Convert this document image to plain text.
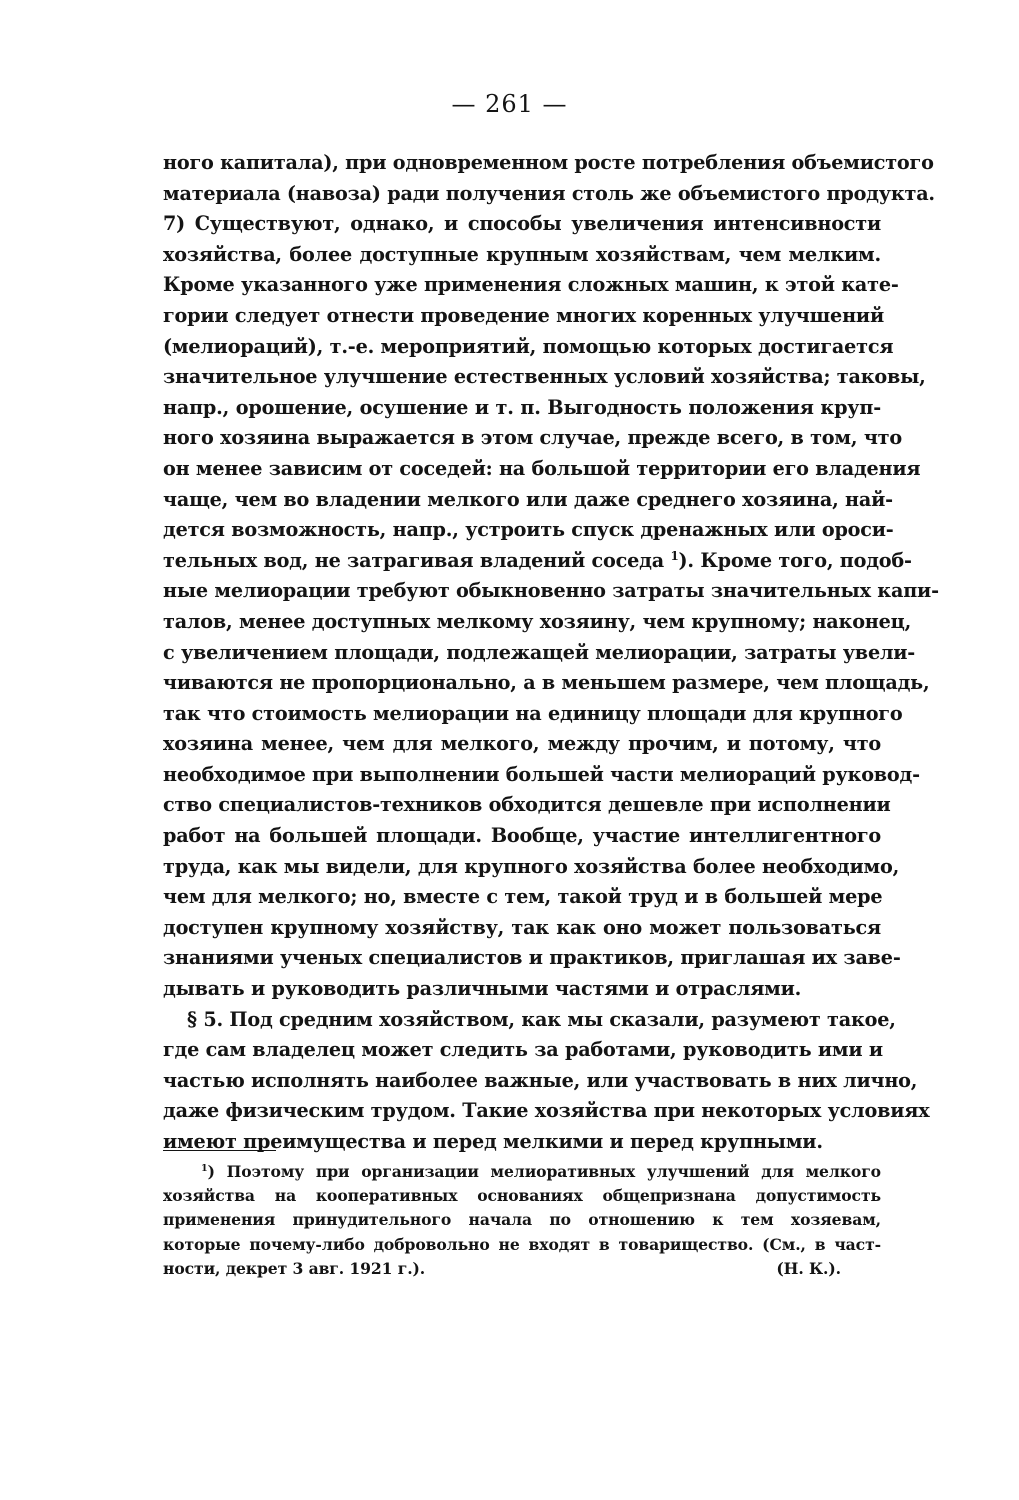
— 261 —
ного капитала), при одновременном росте потребления объемистого
материала (навоза) ради получения столь же объемистого продукта.
7) Существуют, однако, и способы увеличения интенсивности
хозяйства, более доступные крупным хозяйствам, чем мелким.
Кроме указанного уже применения сложных машин, к этой кате-
гории следует отнести проведение многих коренных улучшений
(мелиораций), т.-е. мероприятий, помощью которых достигается
значительное улучшение естественных условий хозяйства; таковы,
напр., орошение, осушение и т. п. Выгодность положения круп-
ного хозяина выражается в этом случае, прежде всего, в том, что
он менее зависим от соседей: на большой территории его владения
чаще, чем во владении мелкого или даже среднего хозяина, най-
дется возможность, напр., устроить спуск дренажных или ороси-
тельных вод, не затрагивая владений соседа $^1$). Кроме того, подоб-
ные мелиорации требуют обыкновенно затраты значительных капи-
талов, менее доступных мелкому хозяину, чем крупному; наконец,
с увеличением площади, подлежащей мелиорации, затраты увели-
чиваются не пропорционально, а в меньшем размере, чем площадь,
так что стоимость мелиорации на единицу площади для крупного
хозяина менее, чем для мелкого, между прочим, и потому, что
необходимое при выполнении большей части мелиораций руковод-
ство специалистов-техников обходится дешевле при исполнении
работ на большей площади. Вообще, участие интеллигентного
труда, как мы видели, для крупного хозяйства более необходимо,
чем для мелкого; но, вместе с тем, такой труд и в большей мере
доступен крупному хозяйству, так как оно может пользоваться
знаниями ученых специалистов и практиков, приглашая их заве-
дывать и руководить различными частями и отраслями.
§ 5. Под средним хозяйством, как мы сказали, разумеют такое,
где сам владелец может следить за работами, руководить ими и
частью исполнять наиболее важные, или участвовать в них лично,
даже физическим трудом. Такие хозяйства при некоторых условиях
имеют преимущества и перед мелкими и перед крупными.
$^1$) Поэтому при организации мелиоративных улучшений для мелкого
хозяйства на кооперативных основаниях общепризнана допустимость
применения принудительного начала по отношению к тем хозяевам,
которые почему-либо добровольно не входят в товарищество. (См., в част-
ности, декрет 3 авг. 1921 г.).	(Н. К.).
